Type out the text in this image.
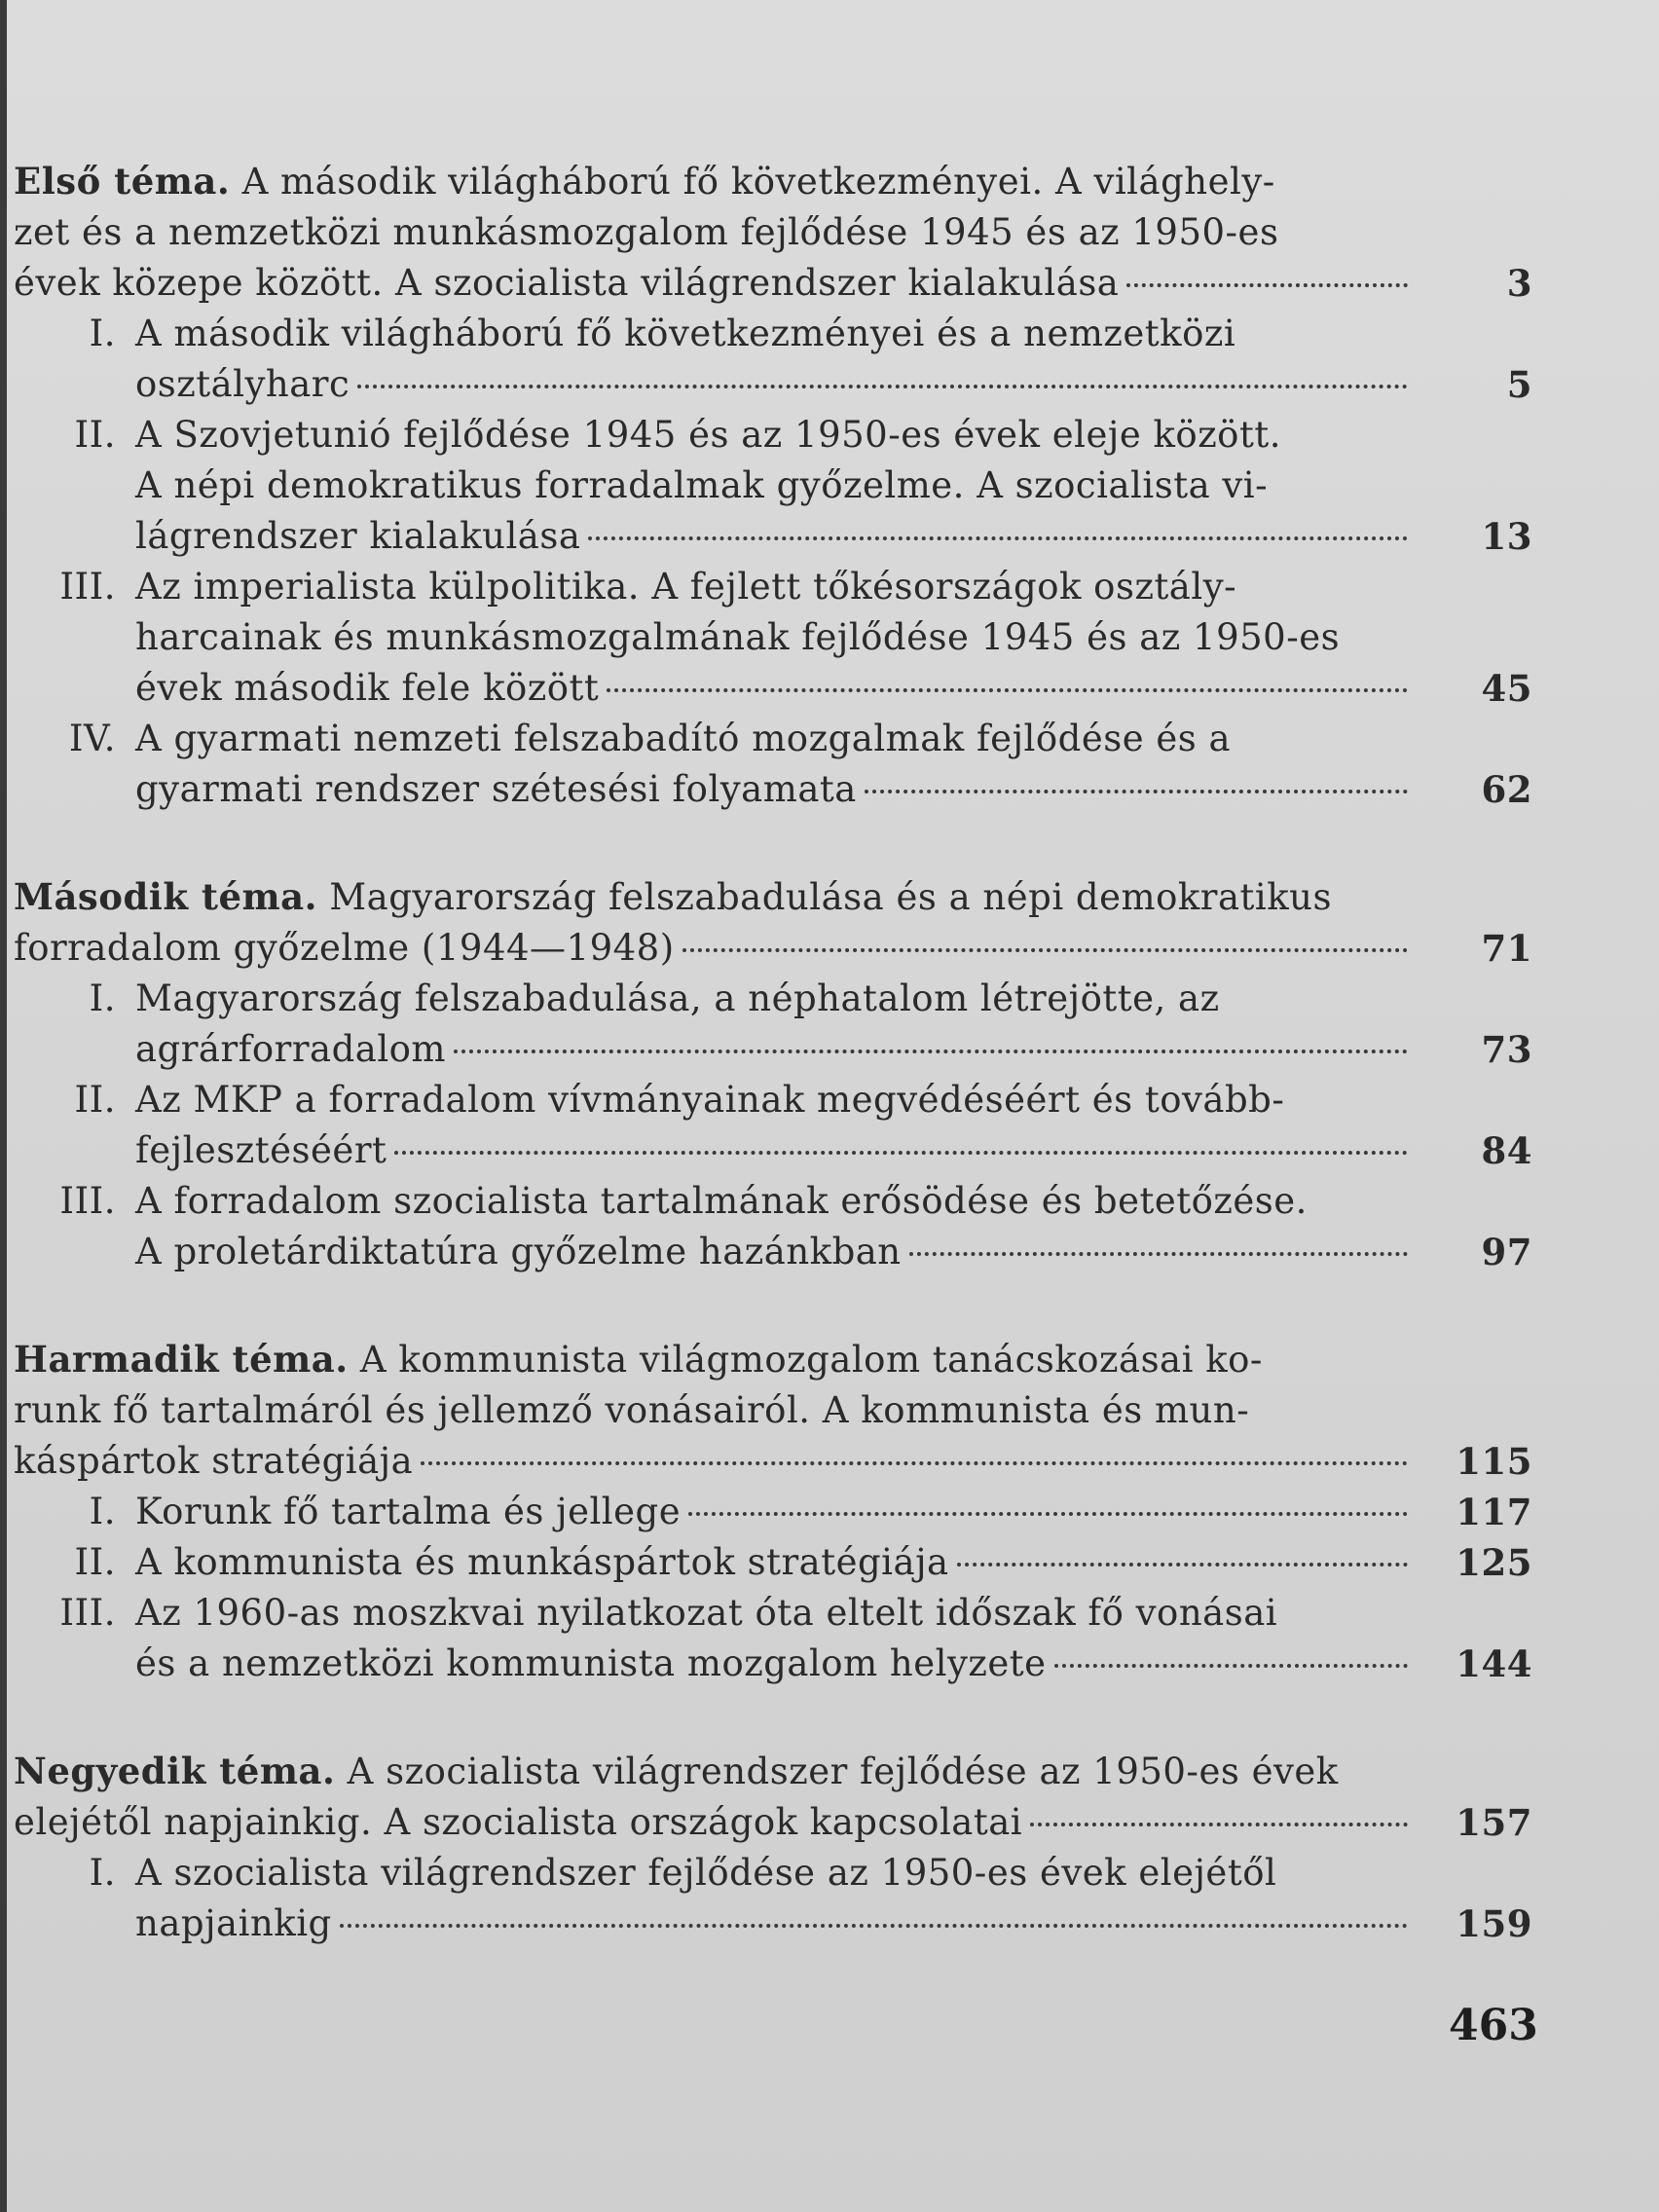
Első téma. A második világháború fő következményei. A világhely-
zet és a nemzetközi munkásmozgalom fejlődése 1945 és az 1950-es
évek közepe között. A szocialista világrendszer kialakulása	3
I. A második világháború fő következményei és a nemzetközi
osztályharc	5
II. A Szovjetunió fejlődése 1945 és az 1950-es évek eleje között.
A népi demokratikus forradalmak győzelme. A szocialista vi-
lágrendszer kialakulása	13
III. Az imperialista külpolitika. A fejlett tőkésországok osztály-
harcainak és munkásmozgalmának fejlődése 1945 és az 1950-es
évek második fele között	45
IV. A gyarmati nemzeti felszabadító mozgalmak fejlődése és a
gyarmati rendszer szétesési folyamata	62
Második téma. Magyarország felszabadulása és a népi demokratikus
forradalom győzelme (1944—1948)	71
I. Magyarország felszabadulása, a néphatalom létrejötte, az
agrárforradalom	73
II. Az MKP a forradalom vívmányainak megvédéséért és tovább-
fejlesztéséért	84
III. A forradalom szocialista tartalmának erősödése és betetőzése.
A proletárdiktatúra győzelme hazánkban	97
Harmadik téma. A kommunista világmozgalom tanácskozásai ko-
runk fő tartalmáról és jellemző vonásairól. A kommunista és mun-
káspártok stratégiája	115
I. Korunk fő tartalma és jellege	117
II. A kommunista és munkáspártok stratégiája	125
III. Az 1960-as moszkvai nyilatkozat óta eltelt időszak fő vonásai
és a nemzetközi kommunista mozgalom helyzete	144
Negyedik téma. A szocialista világrendszer fejlődése az 1950-es évek
elejétől napjainkig. A szocialista országok kapcsolatai	157
I. A szocialista világrendszer fejlődése az 1950-es évek elejétől
napjainkig	159
463
